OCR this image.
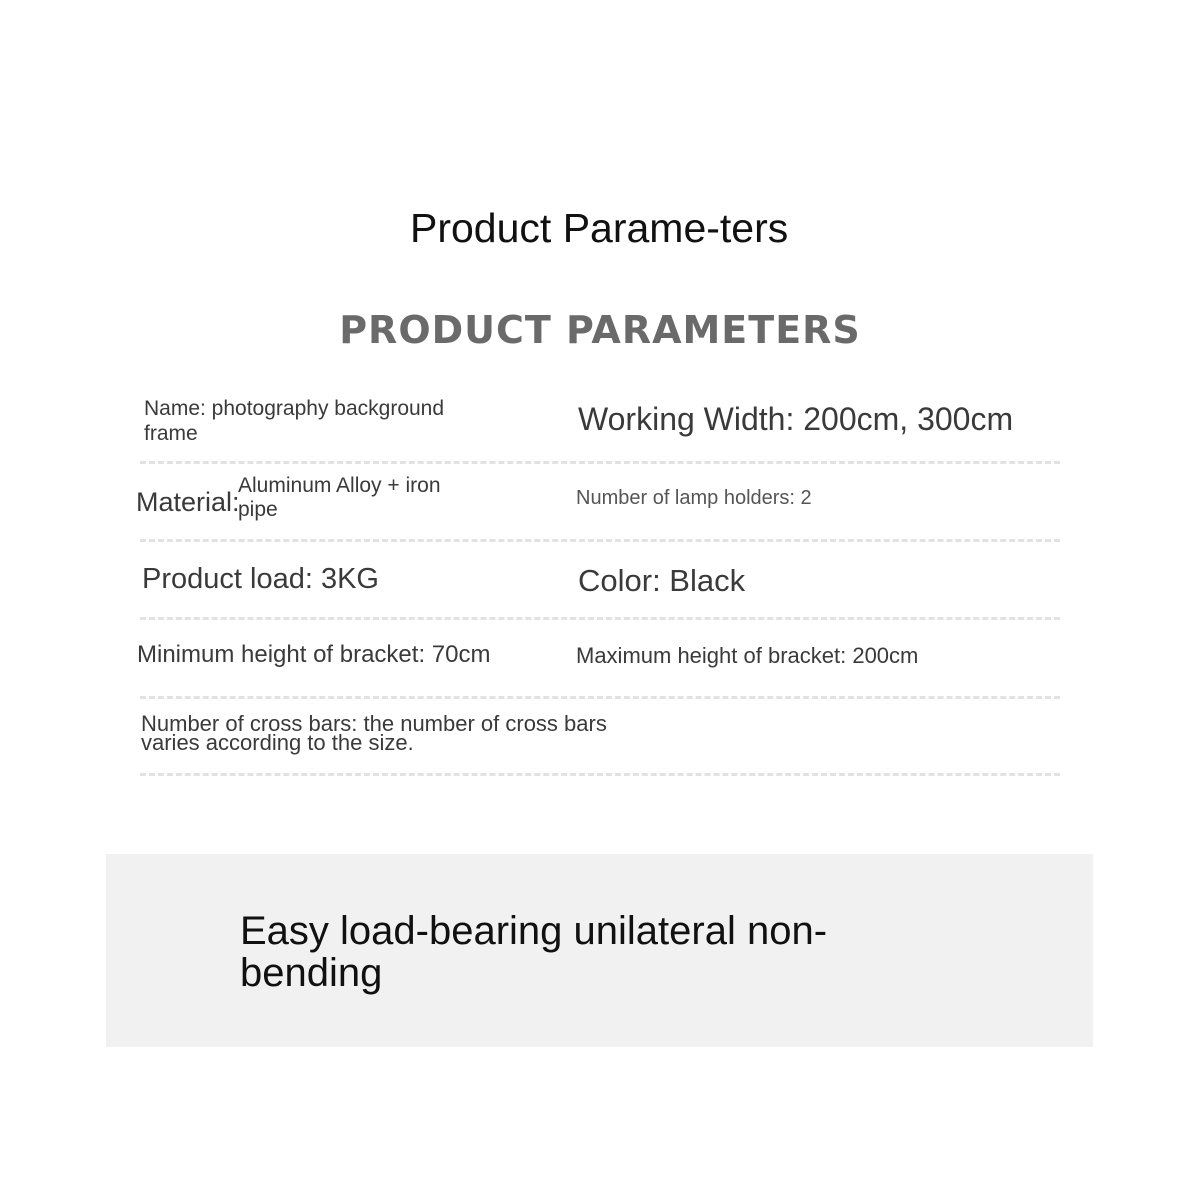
Product Parame-ters
PRODUCT PARAMETERS
Name: photography background frame	Working Width: 200cm, 300cm
Material:
Aluminum Alloy + iron pipe	Number of lamp holders: 2
Product load: 3KG	Color: Black
Minimum height of bracket: 70cm	Maximum height of bracket: 200cm
Number of cross bars: the number of cross bars varies according to the size.
Easy load-bearing unilateral non-bending
